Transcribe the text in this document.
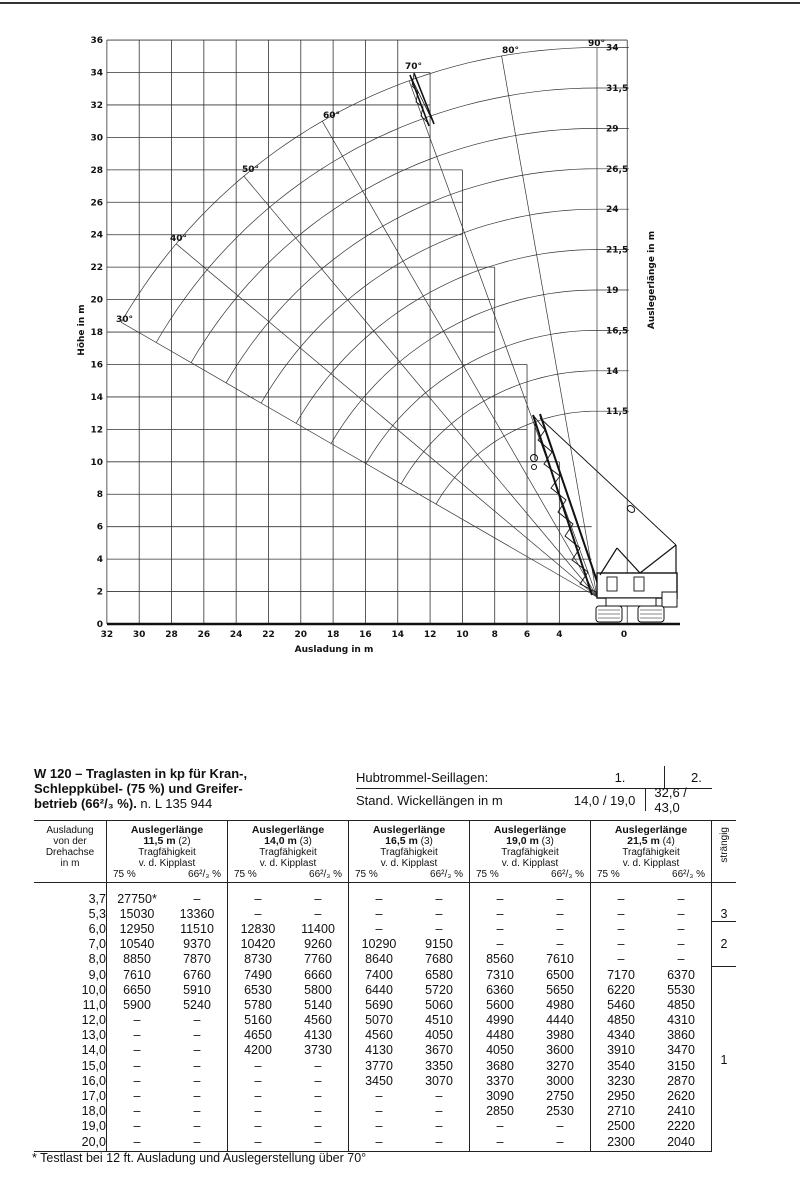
32 30 28 26 24 22 20 18 16 14 12 10	8	6	4	0
0
2
4
6
8
10
12
14
16
18
20
22
24
26
28
30
32
34
36
34
31,5
29
26,5
24
21,5
19
16,5
14
11,5
30°
40°
50°
60°
70°
80°
90°
Ausladung in m
Höhe in m
Auslegerlänge in m
W 120 – Traglasten in kp für Kran-,
Schleppkübel- (75 %) und Greifer-
betrieb (66²/₃ %). n. L 135 944
Hubtrommel-Seillagen:	1.	2.
Stand. Wickellängen in m	14,0 / 19,0	32,6 / 43,0
Ausladung
von der
Drehachse
in m

Auslegerlänge
11,5 m (2)
Tragfähigkeit
v. d. Kipplast
75 %	66²/₃ %

Auslegerlänge
14,0 m (3)
Tragfähigkeit
v. d. Kipplast
75 %	66²/₃ %

Auslegerlänge
16,5 m (3)
Tragfähigkeit
v. d. Kipplast
75 %	66²/₃ %

Auslegerlänge
19,0 m (3)
Tragfähigkeit
v. d. Kipplast
75 %	66²/₃ %

Auslegerlänge
21,5 m (4)
Tragfähigkeit
v. d. Kipplast
75 %	66²/₃ %
	strängig
3,7	27750*	–	–	–	–	–	–	–	–	–	
5,3	15030	13360	–	–	–	–	–	–	–	–	3
6,0	12950	11510	12830	11400	–	–	–	–	–	–	2
7,0	10540	9370	10420	9260	10290	9150	–	–	–	–	
8,0	8850	7870	8730	7760	8640	7680	8560	7610	–	–	
9,0	7610	6760	7490	6660	7400	6580	7310	6500	7170	6370	1
10,0	6650	5910	6530	5800	6440	5720	6360	5650	6220	5530	
11,0	5900	5240	5780	5140	5690	5060	5600	4980	5460	4850	
12,0	–	–	5160	4560	5070	4510	4990	4440	4850	4310	
13,0	–	–	4650	4130	4560	4050	4480	3980	4340	3860	
14,0	–	–	4200	3730	4130	3670	4050	3600	3910	3470	
15,0	–	–	–	–	3770	3350	3680	3270	3540	3150	
16,0	–	–	–	–	3450	3070	3370	3000	3230	2870	
17,0	–	–	–	–	–	–	3090	2750	2950	2620	
18,0	–	–	–	–	–	–	2850	2530	2710	2410	
19,0	–	–	–	–	–	–	–	–	2500	2220	
20,0	–	–	–	–	–	–	–	–	2300	2040	
* Testlast bei 12 ft. Ausladung und Auslegerstellung über 70°
